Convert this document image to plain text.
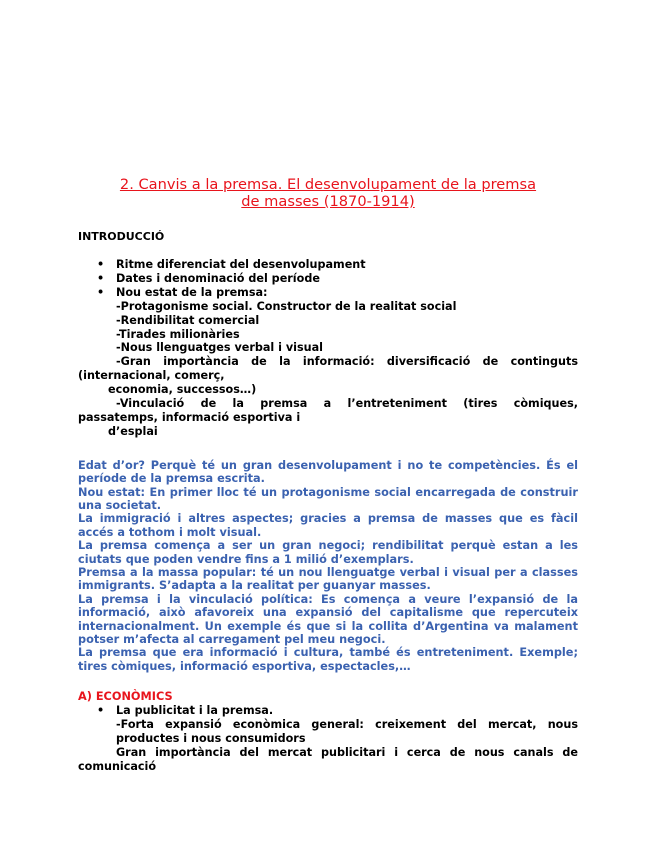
2. Canvis a la premsa. El desenvolupament de la premsa
de masses (1870-1914)

INTRODUCCIÓ
• Ritme diferenciat del desenvolupament
• Dates i denominació del període
• Nou estat de la premsa:
-Protagonisme social. Constructor de la realitat social
-Rendibilitat comercial
-Tirades milionàries
-Nous llenguatges verbal i visual
-Gran importància de la informació: diversificació de continguts
(internacional, comerç,
economia, successos…)
-Vinculació de la premsa a l’entreteniment (tires còmiques,
passatemps, informació esportiva i
d’esplai

Edat d’or? Perquè té un gran desenvolupament i no te competències. És el període de la premsa escrita.

Nou estat: En primer lloc té un protagonisme social encarregada de construir una societat.

La immigració i altres aspectes; gracies a premsa de masses que es fàcil accés a tothom i molt visual.

La premsa comença a ser un gran negoci; rendibilitat perquè estan a les ciutats que poden vendre fins a 1 milió d’exemplars.

Premsa a la massa popular: té un nou llenguatge verbal i visual per a classes immigrants. S’adapta a la realitat per guanyar masses.

La premsa i la vinculació política: Es comença a veure l’expansió de la informació, això afavoreix una expansió del capitalisme que repercuteix internacionalment. Un exemple és que si la collita d’Argentina va malament potser m’afecta al carregament pel meu negoci.

La premsa que era informació i cultura, també és entreteniment. Exemple; tires còmiques, informació esportiva, espectacles,…

A) ECONÒMICS
• La publicitat i la premsa.
-Forta expansió econòmica general: creixement del mercat, nous productes i nous consumidors
Gran importància del mercat publicitari i cerca de nous canals de comunicació
